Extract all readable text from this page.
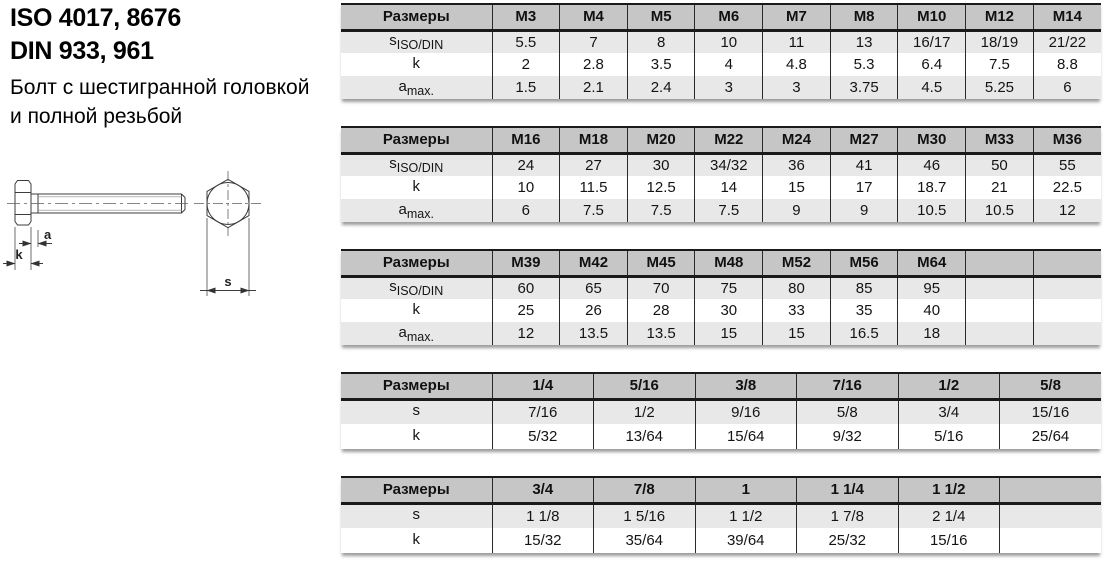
ISO 4017, 8676
DIN 933, 961
Болт с шестигранной головкой
и полной резьбой
a
k
s
Размеры	M3	M4	M5	M6	M7	M8	M10	M12	M14
$s_{ISO/DIN}$	5.5	7	8	10	11	13	16/17	18/19	21/22
k	2	2.8	3.5	4	4.8	5.3	6.4	7.5	8.8
$a_{max.}$	1.5	2.1	2.4	3	3	3.75	4.5	5.25	6
Размеры	M16	M18	M20	M22	M24	M27	M30	M33	M36
$s_{ISO/DIN}$	24	27	30	34/32	36	41	46	50	55
k	10	11.5	12.5	14	15	17	18.7	21	22.5
$a_{max.}$	6	7.5	7.5	7.5	9	9	10.5	10.5	12
Размеры	M39	M42	M45	M48	M52	M56	M64		
$s_{ISO/DIN}$	60	65	70	75	80	85	95		
k	25	26	28	30	33	35	40		
$a_{max.}$	12	13.5	13.5	15	15	16.5	18		
Размеры	1/4	5/16	3/8	7/16	1/2	5/8
s	7/16	1/2	9/16	5/8	3/4	15/16
k	5/32	13/64	15/64	9/32	5/16	25/64
Размеры	3/4	7/8	1	1 1/4	1 1/2	
s	1 1/8	1 5/16	1 1/2	1 7/8	2 1/4	
k	15/32	35/64	39/64	25/32	15/16	
